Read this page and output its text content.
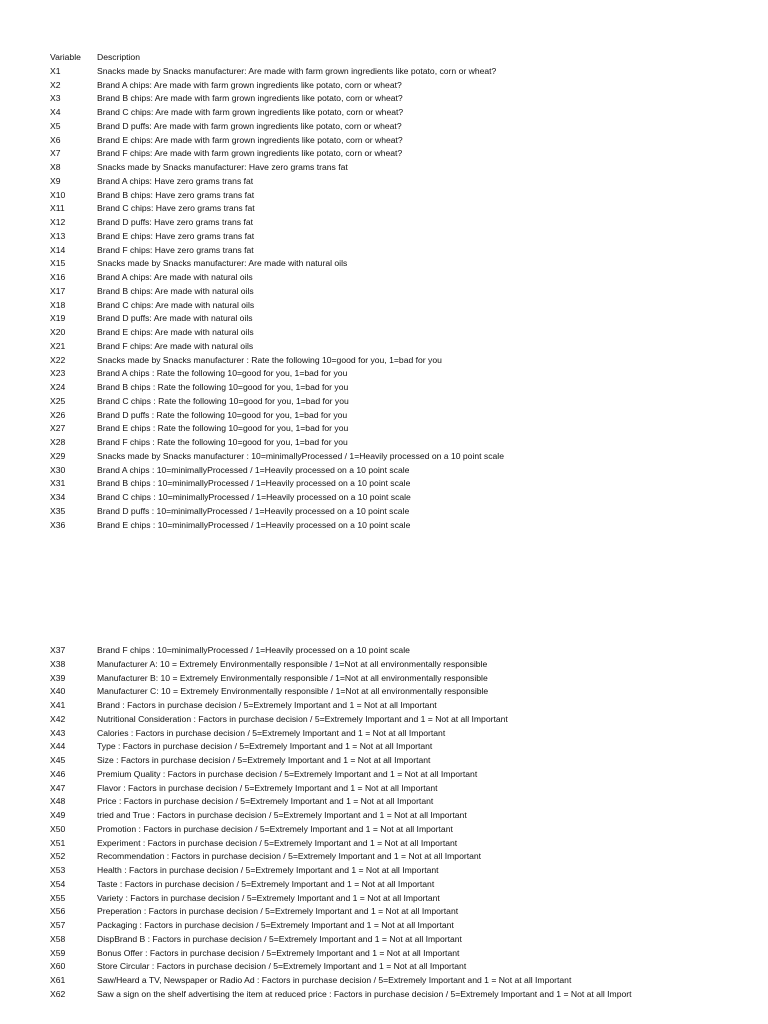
Variable	Description
X1	Snacks made by Snacks manufacturer: Are made with farm grown ingredients like potato, corn or wheat?
X2	Brand A chips: Are made with farm grown ingredients like potato, corn or wheat?
X3	Brand B chips: Are made with farm grown ingredients like potato, corn or wheat?
X4	Brand C chips: Are made with farm grown ingredients like potato, corn or wheat?
X5	Brand D puffs: Are made with farm grown ingredients like potato, corn or wheat?
X6	Brand E chips: Are made with farm grown ingredients like potato, corn or wheat?
X7	Brand F chips: Are made with farm grown ingredients like potato, corn or wheat?
X8	Snacks made by Snacks manufacturer: Have zero grams trans fat
X9	Brand A chips: Have zero grams trans fat
X10	Brand B chips: Have zero grams trans fat
X11	Brand C chips: Have zero grams trans fat
X12	Brand D puffs: Have zero grams trans fat
X13	Brand E chips: Have zero grams trans fat
X14	Brand F chips: Have zero grams trans fat
X15	Snacks made by Snacks manufacturer: Are made with natural oils
X16	Brand A chips: Are made with natural oils
X17	Brand B chips: Are made with natural oils
X18	Brand C chips: Are made with natural oils
X19	Brand D puffs: Are made with natural oils
X20	Brand E chips: Are made with natural oils
X21	Brand F chips: Are made with natural oils
X22	Snacks made by Snacks manufacturer : Rate the following 10=good for you, 1=bad for you
X23	Brand A chips : Rate the following 10=good for you, 1=bad for you
X24	Brand B chips : Rate the following 10=good for you, 1=bad for you
X25	Brand C chips : Rate the following 10=good for you, 1=bad for you
X26	Brand D puffs : Rate the following 10=good for you, 1=bad for you
X27	Brand E chips : Rate the following 10=good for you, 1=bad for you
X28	Brand F chips : Rate the following 10=good for you, 1=bad for you
X29	Snacks made by Snacks manufacturer : 10=minimallyProcessed / 1=Heavily processed on a 10 point scale
X30	Brand A chips : 10=minimallyProcessed / 1=Heavily processed on a 10 point scale
X31	Brand B chips : 10=minimallyProcessed / 1=Heavily processed on a 10 point scale
X34	Brand C chips : 10=minimallyProcessed / 1=Heavily processed on a 10 point scale
X35	Brand D puffs : 10=minimallyProcessed / 1=Heavily processed on a 10 point scale
X36	Brand E chips : 10=minimallyProcessed / 1=Heavily processed on a 10 point scale
X37	Brand F chips : 10=minimallyProcessed / 1=Heavily processed on a 10 point scale
X38	Manufacturer A: 10 = Extremely Environmentally responsible / 1=Not at all environmentally responsible
X39	Manufacturer B: 10 = Extremely Environmentally responsible / 1=Not at all environmentally responsible
X40	Manufacturer C: 10 = Extremely Environmentally responsible / 1=Not at all environmentally responsible
X41	Brand : Factors in purchase decision / 5=Extremely Important and 1 = Not at all Important
X42	Nutritional Consideration : Factors in purchase decision / 5=Extremely Important and 1 = Not at all Important
X43	Calories : Factors in purchase decision / 5=Extremely Important and 1 = Not at all Important
X44	Type : Factors in purchase decision / 5=Extremely Important and 1 = Not at all Important
X45	Size : Factors in purchase decision / 5=Extremely Important and 1 = Not at all Important
X46	Premium Quality : Factors in purchase decision / 5=Extremely Important and 1 = Not at all Important
X47	Flavor : Factors in purchase decision / 5=Extremely Important and 1 = Not at all Important
X48	Price : Factors in purchase decision / 5=Extremely Important and 1 = Not at all Important
X49	tried and True : Factors in purchase decision / 5=Extremely Important and 1 = Not at all Important
X50	Promotion : Factors in purchase decision / 5=Extremely Important and 1 = Not at all Important
X51	Experiment : Factors in purchase decision / 5=Extremely Important and 1 = Not at all Important
X52	Recommendation : Factors in purchase decision / 5=Extremely Important and 1 = Not at all Important
X53	Health : Factors in purchase decision / 5=Extremely Important and 1 = Not at all Important
X54	Taste : Factors in purchase decision / 5=Extremely Important and 1 = Not at all Important
X55	Variety : Factors in purchase decision / 5=Extremely Important and 1 = Not at all Important
X56	Preperation : Factors in purchase decision / 5=Extremely Important and 1 = Not at all Important
X57	Packaging : Factors in purchase decision / 5=Extremely Important and 1 = Not at all Important
X58	DispBrand B : Factors in purchase decision / 5=Extremely Important and 1 = Not at all Important
X59	Bonus Offer : Factors in purchase decision / 5=Extremely Important and 1 = Not at all Important
X60	Store Circular : Factors in purchase decision / 5=Extremely Important and 1 = Not at all Important
X61	Saw/Heard a TV, Newspaper or Radio Ad : Factors in purchase decision / 5=Extremely Important and 1 = Not at all Important
X62	Saw a sign on the shelf advertising the item at reduced price : Factors in purchase decision / 5=Extremely Important and 1 = Not at all Import
